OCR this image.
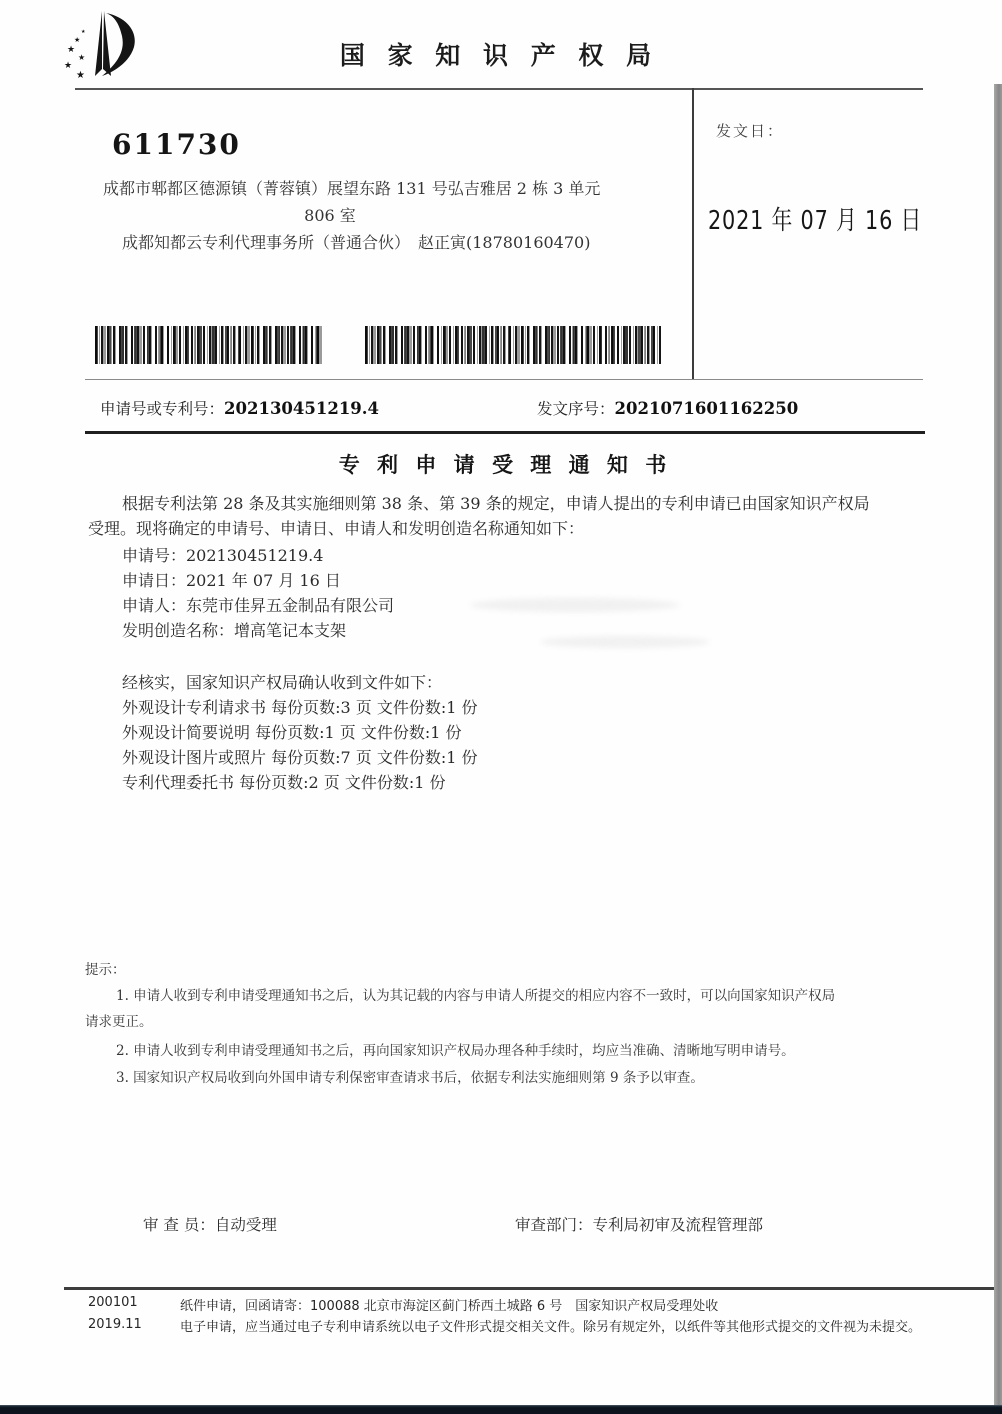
★
★
★
★
★
★
国 家 知 识 产 权 局
611730
成都市郫都区德源镇（菁蓉镇）展望东路 131 号弘吉雅居 2 栋 3 单元
806 室
成都知都云专利代理事务所（普通合伙）　赵正寅(18780160470)
发文日：
2021 年 07 月 16 日
申请号或专利号：202130451219.4	发文序号：2021071601162250
专 利 申 请 受 理 通 知 书
根据专利法第 28 条及其实施细则第 38 条、第 39 条的规定，申请人提出的专利申请已由国家知识产权局
受理。现将确定的申请号、申请日、申请人和发明创造名称通知如下：
申请号：202130451219.4
申请日：2021 年 07 月 16 日
申请人：东莞市佳昇五金制品有限公司
发明创造名称：增高笔记本支架
经核实，国家知识产权局确认收到文件如下：
外观设计专利请求书 每份页数:3 页 文件份数:1 份
外观设计简要说明 每份页数:1 页 文件份数:1 份
外观设计图片或照片 每份页数:7 页 文件份数:1 份
专利代理委托书 每份页数:2 页 文件份数:1 份
提示：
1. 申请人收到专利申请受理通知书之后，认为其记载的内容与申请人所提交的相应内容不一致时，可以向国家知识产权局
请求更正。
2. 申请人收到专利申请受理通知书之后，再向国家知识产权局办理各种手续时，均应当准确、清晰地写明申请号。
3. 国家知识产权局收到向外国申请专利保密审查请求书后，依据专利法实施细则第 9 条予以审查。
审 查 员：自动受理	审查部门：专利局初审及流程管理部
200101
2019.11
纸件申请，回函请寄：100088 北京市海淀区蓟门桥西土城路 6 号　国家知识产权局受理处收
电子申请，应当通过电子专利申请系统以电子文件形式提交相关文件。除另有规定外，以纸件等其他形式提交的文件视为未提交。
